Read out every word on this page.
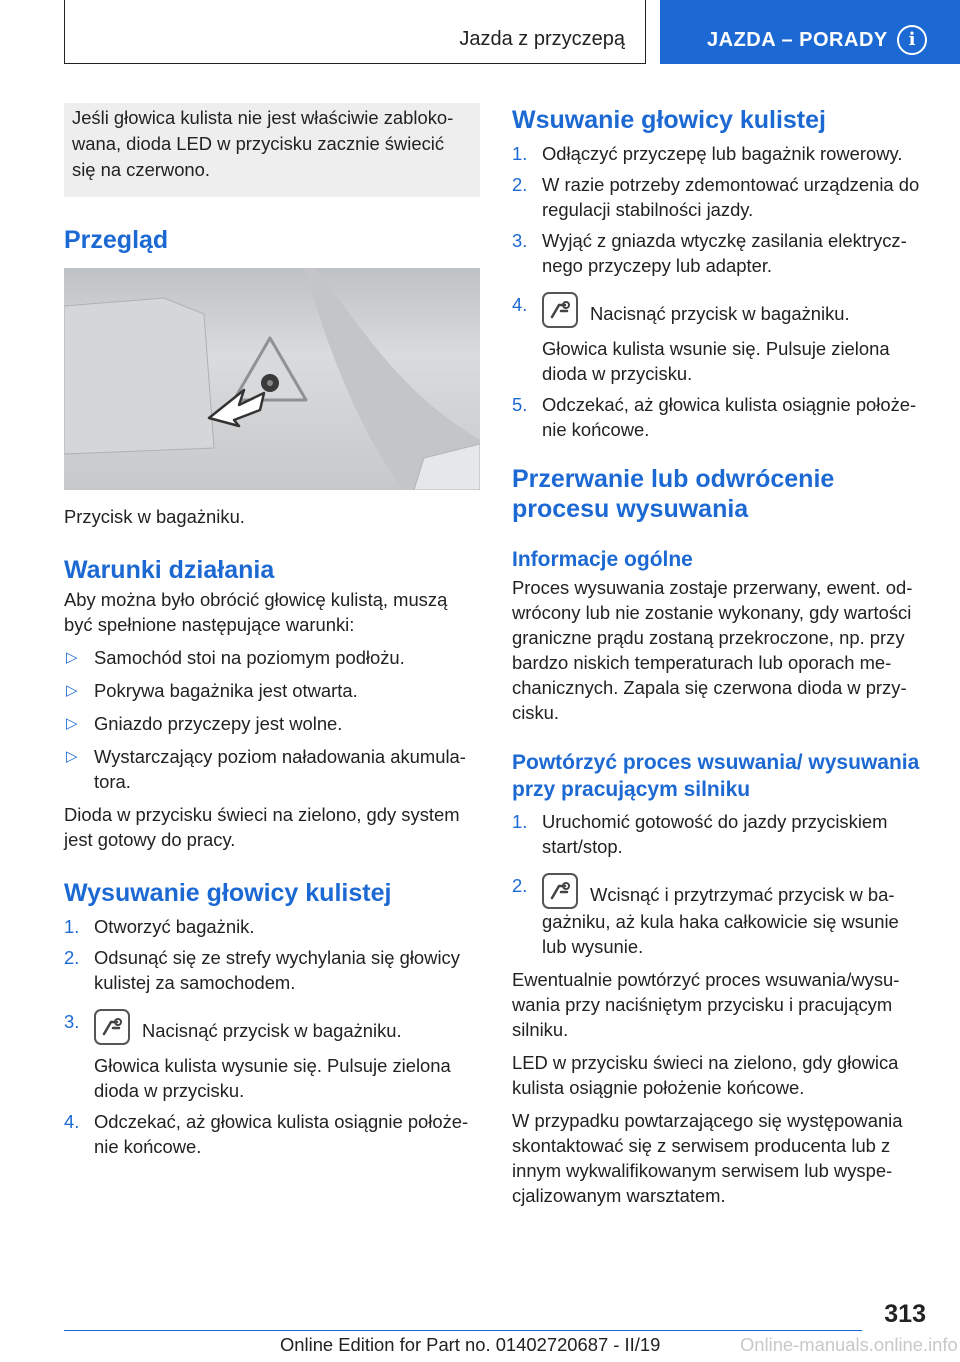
Jazda z przyczepą	JAZDA – PORADY	i

Jeśli głowica kulista nie jest właściwie zabloko-wana, dioda LED w przycisku zacznie świecić się na czerwono.

Przegląd

Przycisk w bagażniku.

Warunki działania

Aby można było obrócić głowicę kulistą, muszą być spełnione następujące warunki:

▷ Samochód stoi na poziomym podłożu.
▷ Pokrywa bagażnika jest otwarta.
▷ Gniazdo przyczepy jest wolne.
▷ Wystarczający poziom naładowania akumula-tora.

Dioda w przycisku świeci na zielono, gdy system jest gotowy do pracy.

Wysuwanie głowicy kulistej
1. Otworzyć bagażnik.
2. Odsunąć się ze strefy wychylania się głowicy kulistej za samochodem.
3.	Nacisnąć przycisk w bagażniku.
Głowica kulista wysunie się. Pulsuje zielona dioda w przycisku.
4. Odczekać, aż głowica kulista osiągnie położe-nie końcowe.
Wsuwanie głowicy kulistej
1. Odłączyć przyczepę lub bagażnik rowerowy.
2. W razie potrzeby zdemontować urządzenia do regulacji stabilności jazdy.
3. Wyjąć z gniazda wtyczkę zasilania elektrycz-nego przyczepy lub adapter.
4.	Nacisnąć przycisk w bagażniku.
Głowica kulista wsunie się. Pulsuje zielona dioda w przycisku.
5. Odczekać, aż głowica kulista osiągnie położe-nie końcowe.
Przerwanie lub odwrócenie procesu wysuwania
Informacje ogólne

Proces wysuwania zostaje przerwany, ewent. od-wrócony lub nie zostanie wykonany, gdy wartości graniczne prądu zostaną przekroczone, np. przy bardzo niskich temperaturach lub oporach me-chanicznych. Zapala się czerwona dioda w przy-cisku.

Powtórzyć proces wsuwania/ wysuwania przy pracującym silniku
1. Uruchomić gotowość do jazdy przyciskiem start/stop.
2.	Wcisnąć i przytrzymać przycisk w ba-gażniku, aż kula haka całkowicie się wsunie lub wysunie.

Ewentualnie powtórzyć proces wsuwania/wysu-wania przy naciśniętym przycisku i pracującym silniku.

LED w przycisku świeci na zielono, gdy głowica kulista osiągnie położenie końcowe.

W przypadku powtarzającego się występowania skontaktować się z serwisem producenta lub z innym wykwalifikowanym serwisem lub wyspe-cjalizowanym warsztatem.

313
Online Edition for Part no. 01402720687 - II/19	Online-manuals.online.info
